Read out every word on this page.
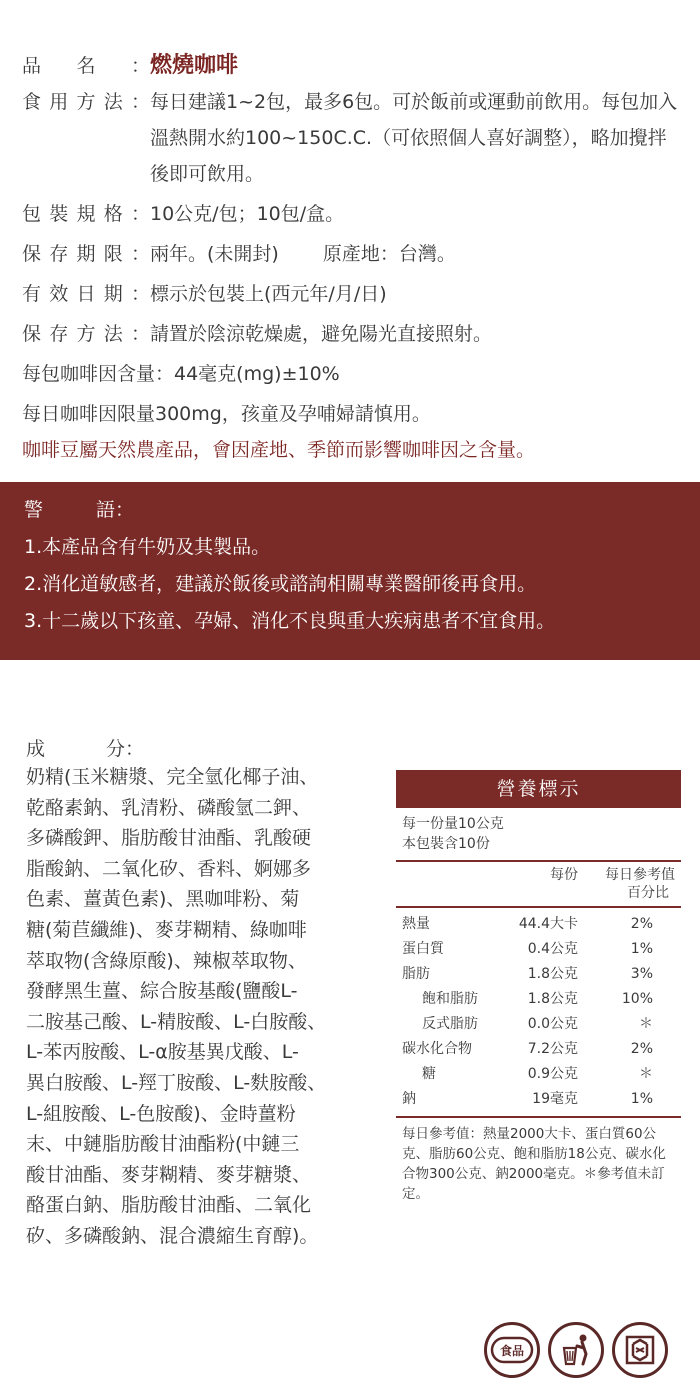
品 名 ： 燃燒咖啡
食 用 方 法 ： 每日建議1~2包，最多6包。可於飯前或運動前飲用。每包加入溫熱開水約100~150C.C.（可依照個人喜好調整），略加攪拌後即可飲用。
包 裝 規 格 ： 10公克/包；10包/盒。
保 存 期 限 ： 兩年。(未開封) 原產地： 台灣。
有 效 日 期 ： 標示於包裝上(西元年/月/日)
保 存 方 法 ： 請置於陰涼乾燥處，避免陽光直接照射。
每包咖啡因含量：44毫克(mg)±10%
每日咖啡因限量300mg，孩童及孕哺婦請慎用。
咖啡豆屬天然農產品，會因產地、季節而影響咖啡因之含量。
警	語：
1.本產品含有牛奶及其製品。
2.消化道敏感者，建議於飯後或諮詢相關專業醫師後再食用。
3.十二歲以下孩童、孕婦、消化不良與重大疾病患者不宜食用。
成	分：
奶精(玉米糖漿、完全氫化椰子油、
乾酪素鈉、乳清粉、磷酸氫二鉀、
多磷酸鉀、脂肪酸甘油酯、乳酸硬
脂酸鈉、二氧化矽、香料、婀娜多
色素、薑黃色素)、黑咖啡粉、菊
糖(菊苣纖維)、麥芽糊精、綠咖啡
萃取物(含綠原酸)、辣椒萃取物、
發酵黑生薑、綜合胺基酸(鹽酸L-
二胺基己酸、L-精胺酸、L-白胺酸、
L-苯丙胺酸、L-α胺基異戊酸、L-
異白胺酸、L-羥丁胺酸、L-麩胺酸、
L-組胺酸、L-色胺酸)、金時薑粉
末、中鏈脂肪酸甘油酯粉(中鏈三
酸甘油酯、麥芽糊精、麥芽糖漿、
酪蛋白鈉、脂肪酸甘油酯、二氧化
矽、多磷酸鈉、混合濃縮生育醇)。
營養標示
每一份量10公克
本包裝含10份
每份	每日參考值
百分比
熱量	44.4大卡	2%
蛋白質	0.4公克	1%
脂肪	1.8公克	3%
飽和脂肪	1.8公克	10%
反式脂肪	0.0公克	＊
碳水化合物	7.2公克	2%
糖	0.9公克	＊
鈉	19毫克	1%
每日參考值：熱量2000大卡、蛋白質60公克、脂肪60公克、飽和脂肪18公克、碳水化合物300公克、鈉2000毫克。＊參考值未訂定。
食品
